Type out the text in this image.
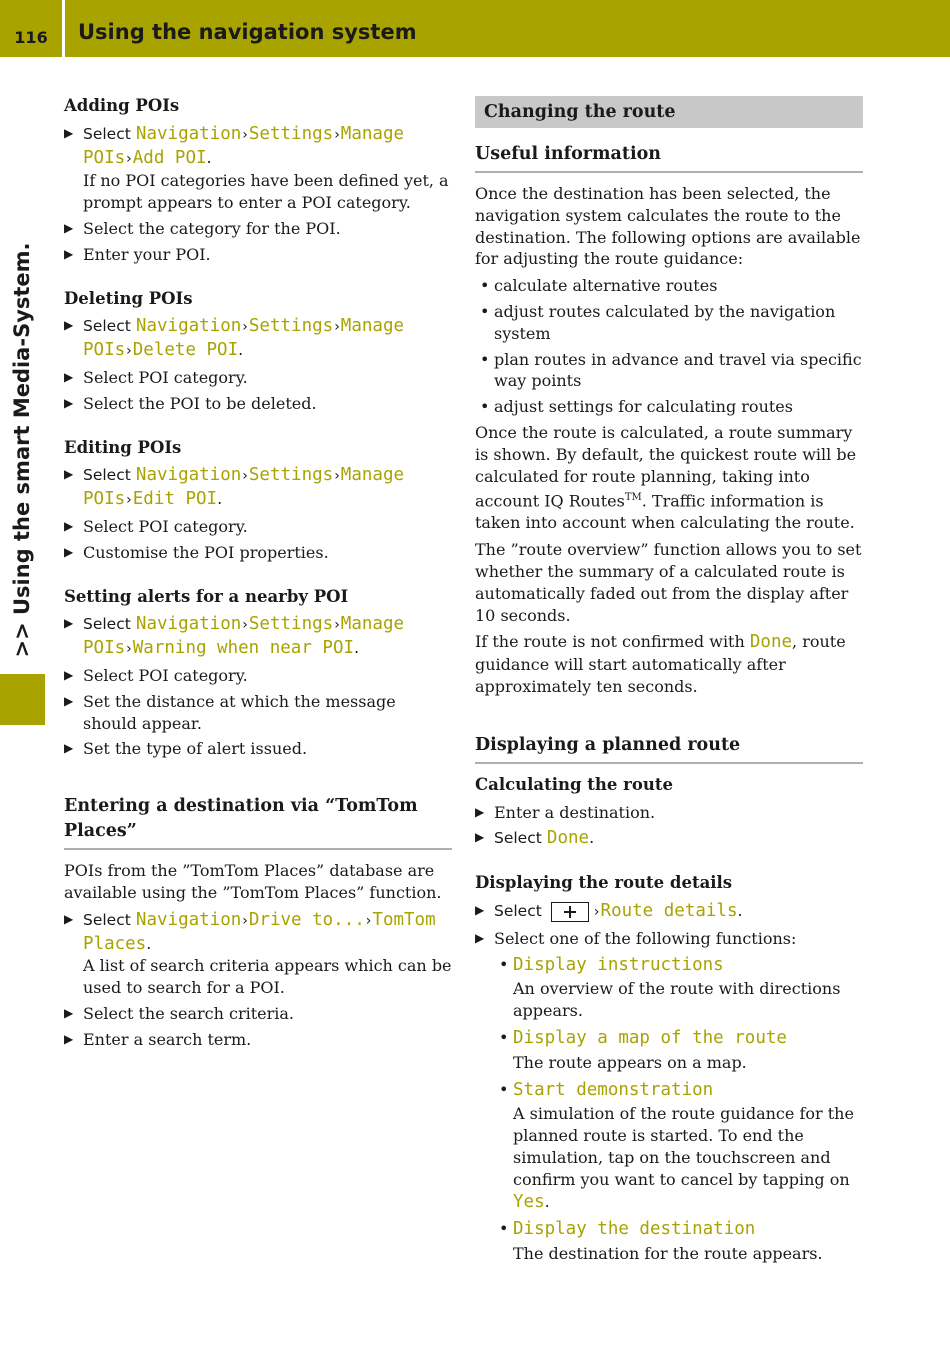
116	Using the navigation system
>> Using the smart Media-System.
Adding POIs
▶ Select Navigation›Settings›Manage POIs›Add POI.
If no POI categories have been defined yet, a prompt appears to enter a POI category.
▶ Select the category for the POI.
▶ Enter your POI.
Deleting POIs
▶ Select Navigation›Settings›Manage POIs›Delete POI.
▶ Select POI category.
▶ Select the POI to be deleted.
Editing POIs
▶ Select Navigation›Settings›Manage POIs›Edit POI.
▶ Select POI category.
▶ Customise the POI properties.
Setting alerts for a nearby POI
▶ Select Navigation›Settings›Manage POIs›Warning when near POI.
▶ Select POI category.
▶ Set the distance at which the message should appear.
▶ Set the type of alert issued.
Entering a destination via “TomTom Places”

POIs from the ”TomTom Places” database are available using the ”TomTom Places” function.

▶ Select Navigation›Drive to...›TomTom Places.
A list of search criteria appears which can be used to search for a POI.
▶ Select the search criteria.
▶ Enter a search term.
Changing the route
Useful information

Once the destination has been selected, the navigation system calculates the route to the destination. The following options are available for adjusting the route guidance:

• calculate alternative routes
• adjust routes calculated by the navigation system
• plan routes in advance and travel via specific way points
• adjust settings for calculating routes

Once the route is calculated, a route summary is shown. By default, the quickest route will be calculated for route planning, taking into account IQ Routes™. Traffic information is taken into account when calculating the route.

The ”route overview” function allows you to set whether the summary of a calculated route is automatically faded out from the display after 10 seconds.

If the route is not confirmed with Done, route guidance will start automatically after approximately ten seconds.

Displaying a planned route
Calculating the route
▶ Enter a destination.
▶ Select Done.
Displaying the route details
▶ Select	›Route details.
▶ Select one of the following functions:
• Display instructions
An overview of the route with directions appears.
• Display a map of the route
The route appears on a map.
• Start demonstration
A simulation of the route guidance for the planned route is started. To end the simulation, tap on the touchscreen and confirm you want to cancel by tapping on Yes.
• Display the destination
The destination for the route appears.
